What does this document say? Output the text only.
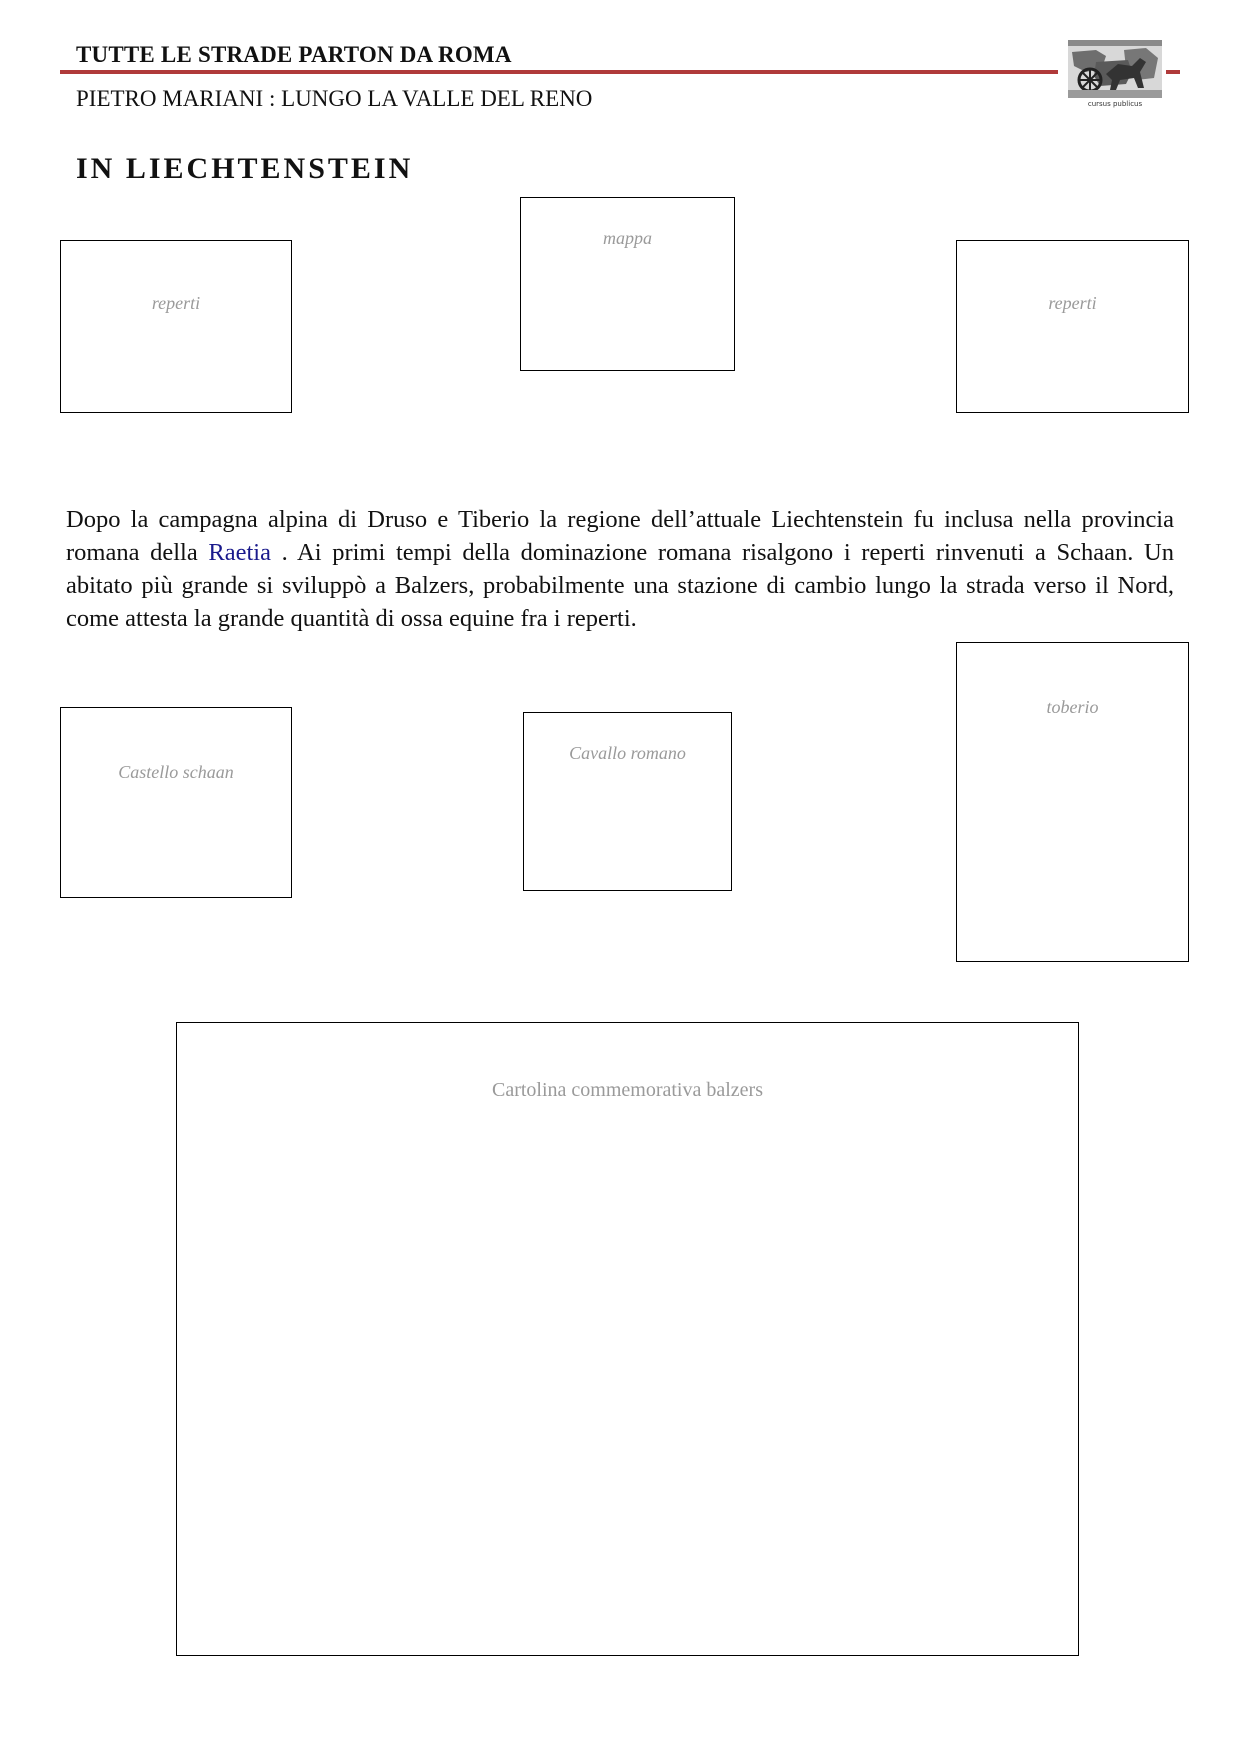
TUTTE LE STRADE PARTON DA ROMA
PIETRO MARIANI : LUNGO LA VALLE DEL RENO	cursus publicus
IN LIECHTENSTEIN
reperti
mappa
reperti

Dopo la campagna alpina di Druso e Tiberio la regione dell’attuale Liechtenstein fu inclusa nella provincia romana della Raetia . Ai primi tempi della dominazione romana risalgono i reperti rinvenuti a Schaan. Un abitato più grande si sviluppò a Balzers, probabilmente una stazione di cambio lungo la strada verso il Nord, come attesta la grande quantità di ossa equine fra i reperti.

Castello schaan
Cavallo romano
toberio
Cartolina commemorativa balzers
